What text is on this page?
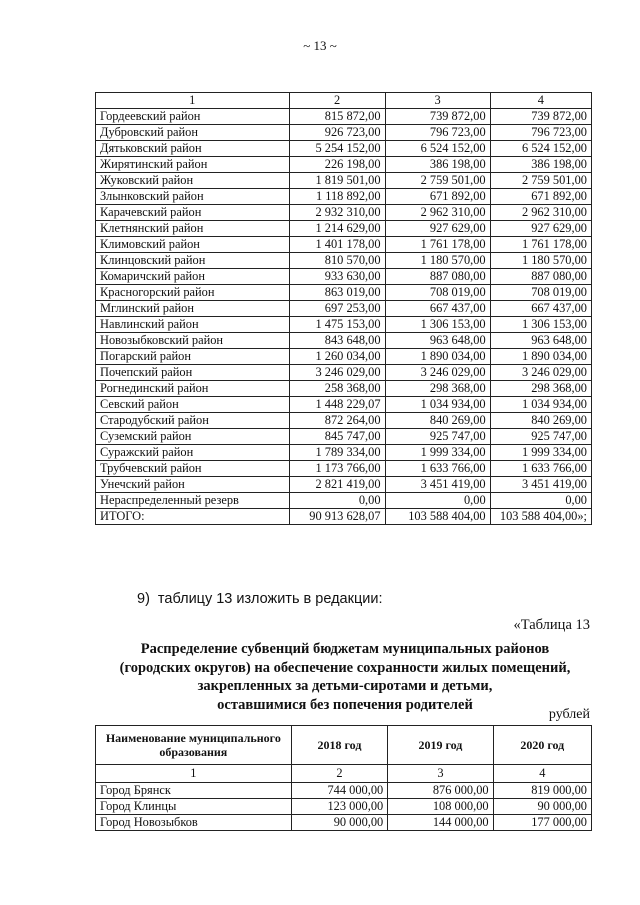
~ 13 ~
1	2	3	4
Гордеевский район	815 872,00	739 872,00	739 872,00
Дубровский район	926 723,00	796 723,00	796 723,00
Дятьковский район	5 254 152,00	6 524 152,00	6 524 152,00
Жирятинский район	226 198,00	386 198,00	386 198,00
Жуковский район	1 819 501,00	2 759 501,00	2 759 501,00
Злынковский район	1 118 892,00	671 892,00	671 892,00
Карачевский район	2 932 310,00	2 962 310,00	2 962 310,00
Клетнянский район	1 214 629,00	927 629,00	927 629,00
Климовский район	1 401 178,00	1 761 178,00	1 761 178,00
Клинцовский район	810 570,00	1 180 570,00	1 180 570,00
Комаричский район	933 630,00	887 080,00	887 080,00
Красногорский район	863 019,00	708 019,00	708 019,00
Мглинский район	697 253,00	667 437,00	667 437,00
Навлинский район	1 475 153,00	1 306 153,00	1 306 153,00
Новозыбковский район	843 648,00	963 648,00	963 648,00
Погарский район	1 260 034,00	1 890 034,00	1 890 034,00
Почепский район	3 246 029,00	3 246 029,00	3 246 029,00
Рогнединский район	258 368,00	298 368,00	298 368,00
Севский район	1 448 229,07	1 034 934,00	1 034 934,00
Стародубский район	872 264,00	840 269,00	840 269,00
Суземский район	845 747,00	925 747,00	925 747,00
Суражский район	1 789 334,00	1 999 334,00	1 999 334,00
Трубчевский район	1 173 766,00	1 633 766,00	1 633 766,00
Унечский район	2 821 419,00	3 451 419,00	3 451 419,00
Нераспределенный резерв	0,00	0,00	0,00
ИТОГО:	90 913 628,07	103 588 404,00	103 588 404,00»;
9) таблицу 13 изложить в редакции:
«Таблица 13
Распределение субвенций бюджетам муниципальных районов
(городских округов) на обеспечение сохранности жилых помещений,
закрепленных за детьми-сиротами и детьми,
оставшимися без попечения родителей
рублей
Наименование муниципального образования	2018 год	2019 год	2020 год
1	2	3	4
Город Брянск	744 000,00	876 000,00	819 000,00
Город Клинцы	123 000,00	108 000,00	90 000,00
Город Новозыбков	90 000,00	144 000,00	177 000,00
